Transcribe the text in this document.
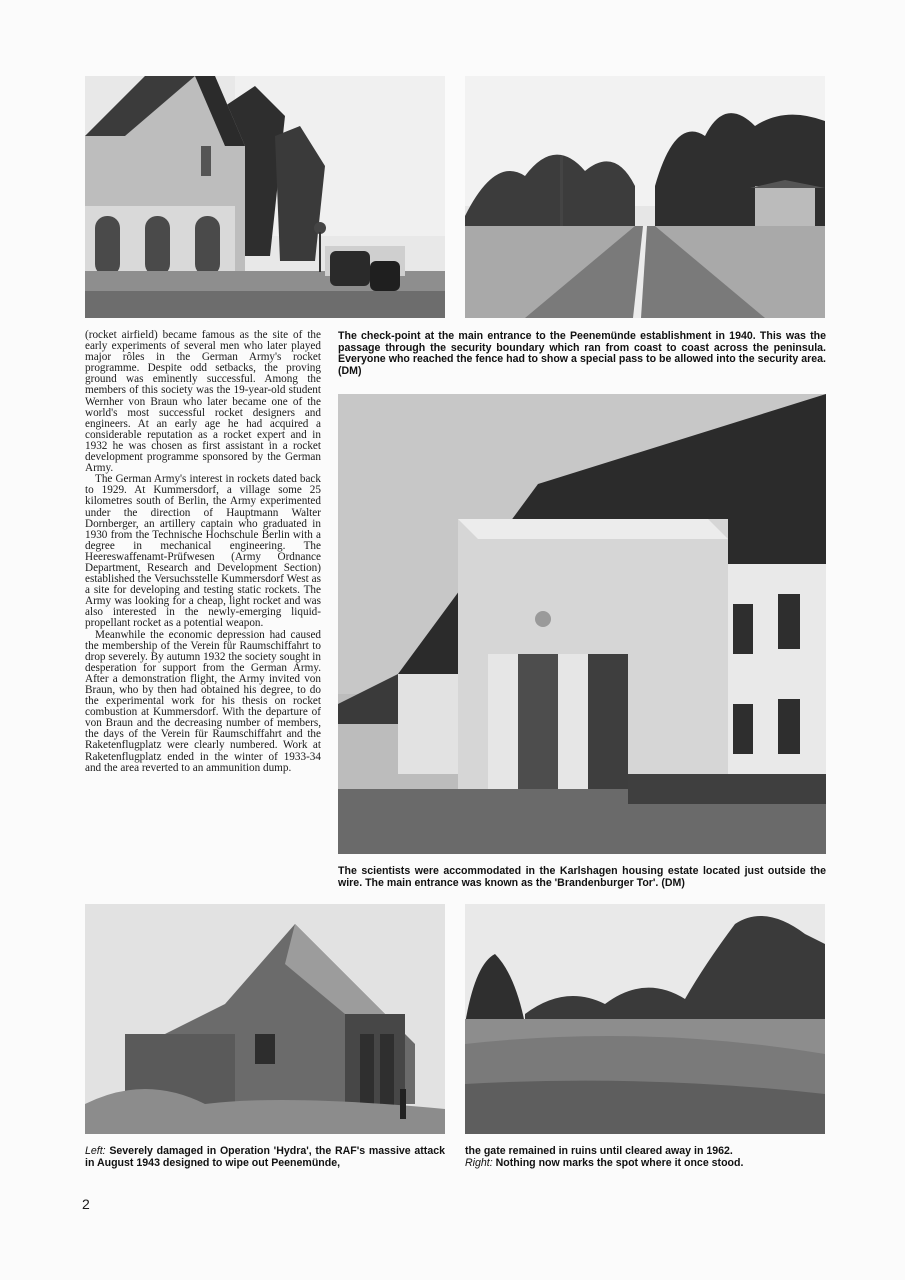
(rocket airfield) became famous as the site of the early experiments of several men who later played major rôles in the German Army's rocket programme. Despite odd setbacks, the proving ground was eminently successful. Among the members of this society was the 19-year-old student Wernher von Braun who later became one of the world's most successful rocket designers and engineers. At an early age he had acquired a considerable reputation as a rocket expert and in 1932 he was chosen as first assistant in a rocket development programme sponsored by the German Army.

The German Army's interest in rockets dated back to 1929. At Kummersdorf, a village some 25 kilometres south of Berlin, the Army experimented under the direction of Hauptmann Walter Dornberger, an artillery captain who graduated in 1930 from the Technische Hochschule Berlin with a degree in mechanical engineering. The Heereswaffenamt-Prüfwesen (Army Ordnance Department, Research and Development Section) established the Versuchsstelle Kummersdorf West as a site for developing and testing static rockets. The Army was looking for a cheap, light rocket and was also interested in the newly-emerging liquid-propellant rocket as a potential weapon.

Meanwhile the economic depression had caused the membership of the Verein für Raumschiffahrt to drop severely. By autumn 1932 the society sought in desperation for support from the German Army. After a demonstration flight, the Army invited von Braun, who by then had obtained his degree, to do the experimental work for his thesis on rocket combustion at Kummersdorf. With the departure of von Braun and the decreasing number of members, the days of the Verein für Raumschiffahrt and the Raketenflugplatz were clearly numbered. Work at Raketenflugplatz ended in the winter of 1933-34 and the area reverted to an ammunition dump.

The check-point at the main entrance to the Peenemünde establishment in 1940. This was the passage through the security boundary which ran from coast to coast across the peninsula. Everyone who reached the fence had to show a special pass to be allowed into the security area. (DM)

The scientists were accommodated in the Karlshagen housing estate located just outside the wire. The main entrance was known as the 'Brandenburger Tor'. (DM)

Left: Severely damaged in Operation 'Hydra', the RAF's massive attack in August 1943 designed to wipe out Peenemünde,

the gate remained in ruins until cleared away in 1962.
Right: Nothing now marks the spot where it once stood.

2
